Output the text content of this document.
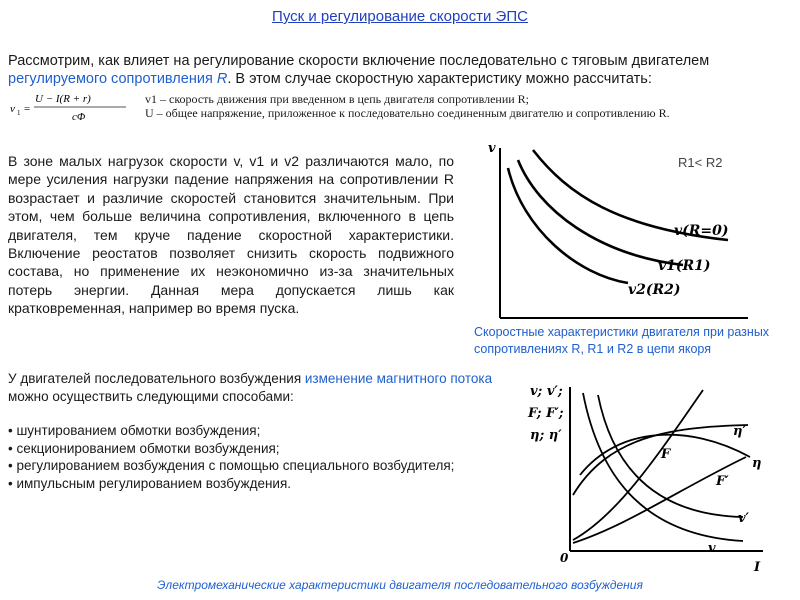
Пуск и регулирование скорости ЭПС
Рассмотрим, как влияет на регулирование скорости включение последовательно с тяговым двигателем регулируемого сопротивления R. В этом случае скоростную характеристику можно рассчитать:
v 1 =
U − I(R + r)
cΦ
v1 – скорость движения при введенном в цепь двигателя сопротивлении R;
U – общее напряжение, приложенное к последовательно соединенным двигателю и сопротивлению R.
В зоне малых нагрузок скорости v, v1 и v2 различаются мало, по мере усиления нагрузки падение напряжения на сопротивлении R возрастает и различие скоростей становится значительным. При этом, чем больше величина сопротивления, включенного в цепь двигателя, тем круче падение скоростной характеристики. Включение реостатов позволяет снизить скорость подвижного состава, но применение их неэкономично из-за значительных потерь энергии. Данная мера допускается лишь как кратковременная, например во время пуска.
v
R1< R2
v(R=0)
v1(R1)
v2(R2)
Скоростные характеристики двигателя при разных сопротивлениях R, R1 и R2 в цепи якоря
У двигателей последовательного возбуждения изменение магнитного потока можно осуществить следующими способами:
• шунтированием обмотки возбуждения;
• секционированием обмотки возбуждения;
• регулированием возбуждения с помощью специального возбудителя;
• импульсным регулированием возбуждения.
v; v′;
F; F′;
η; η′
0
I
η′
η
F
F′
v′
v
Электромеханические характеристики двигателя последовательного возбуждения
